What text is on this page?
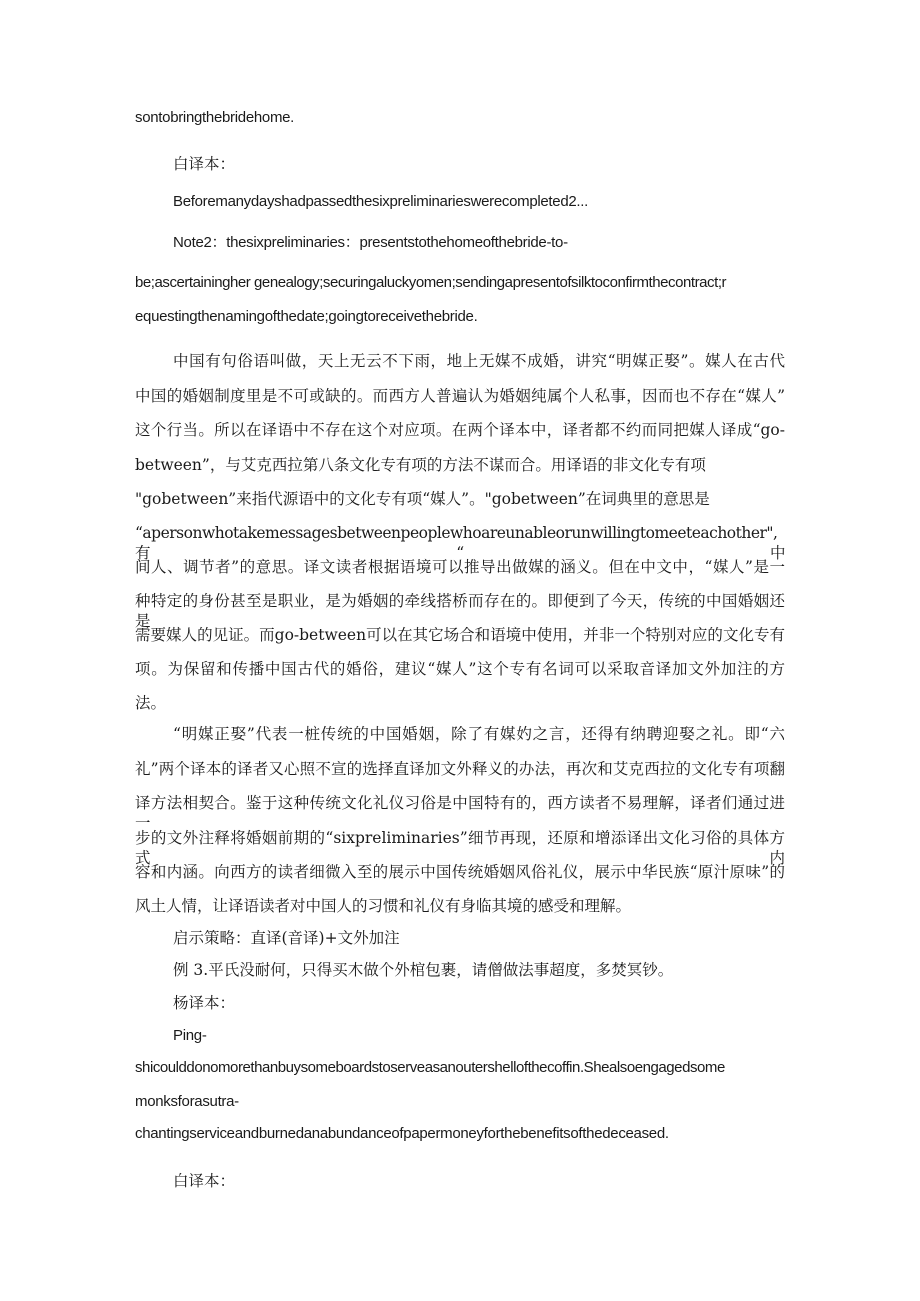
sontobringthebridehome.
白译本：
Beforemanydayshadpassedthesixpreliminarieswerecompleted2...
Note2：thesixpreliminaries：presentstothehomeofthebride-to-
be;ascertainingher genealogy;securingaluckyomen;sendingapresentofsilktoconfirmthecontract;r
equestingthenamingofthedate;goingtoreceivethebride.
中国有句俗语叫做，天上无云不下雨，地上无媒不成婚，讲究“明媒正娶”。媒人在古代
中国的婚姻制度里是不可或缺的。而西方人普遍认为婚姻纯属个人私事，因而也不存在“媒人”
这个行当。所以在译语中不存在这个对应项。在两个译本中，译者都不约而同把媒人译成“go-
between”，与艾克西拉第八条文化专有项的方法不谋而合。用译语的非文化专有项
"gobetween”来指代源语中的文化专有项“媒人”。"gobetween”在词典里的意思是
“apersonwhotakemessagesbetweenpeoplewhoareunableorunwillingtomeeteachother",有“中
间人、调节者”的意思。译文读者根据语境可以推导出做媒的涵义。但在中文中，“媒人”是一
种特定的身份甚至是职业，是为婚姻的牵线搭桥而存在的。即便到了今天，传统的中国婚姻还是
需要媒人的见证。而go-between可以在其它场合和语境中使用，并非一个特别对应的文化专有
项。为保留和传播中国古代的婚俗，建议“媒人”这个专有名词可以采取音译加文外加注的方
法。
“明媒正娶”代表一桩传统的中国婚姻，除了有媒妁之言，还得有纳聘迎娶之礼。即“六
礼”两个译本的译者又心照不宣的选择直译加文外释义的办法，再次和艾克西拉的文化专有项翻
译方法相契合。鉴于这种传统文化礼仪习俗是中国特有的，西方读者不易理解，译者们通过进一
步的文外注释将婚姻前期的“sixpreliminaries”细节再现，还原和增添译出文化习俗的具体方式内
容和内涵。向西方的读者细微入至的展示中国传统婚姻风俗礼仪，展示中华民族“原汁原味”的
风土人情，让译语读者对中国人的习惯和礼仪有身临其境的感受和理解。
启示策略：直译(音译)+文外加注
例 3.平氏没耐何，只得买木做个外棺包裹，请僧做法事超度，多焚冥钞。
杨译本：
Ping-
shicoulddonomorethanbuysomeboardstoserveasanoutershellofthecoffin.Shealsoengagedsome
monksforasutra-
chantingserviceandburnedanabundanceofpapermoneyforthebenefitsofthedeceased.
白译本：
